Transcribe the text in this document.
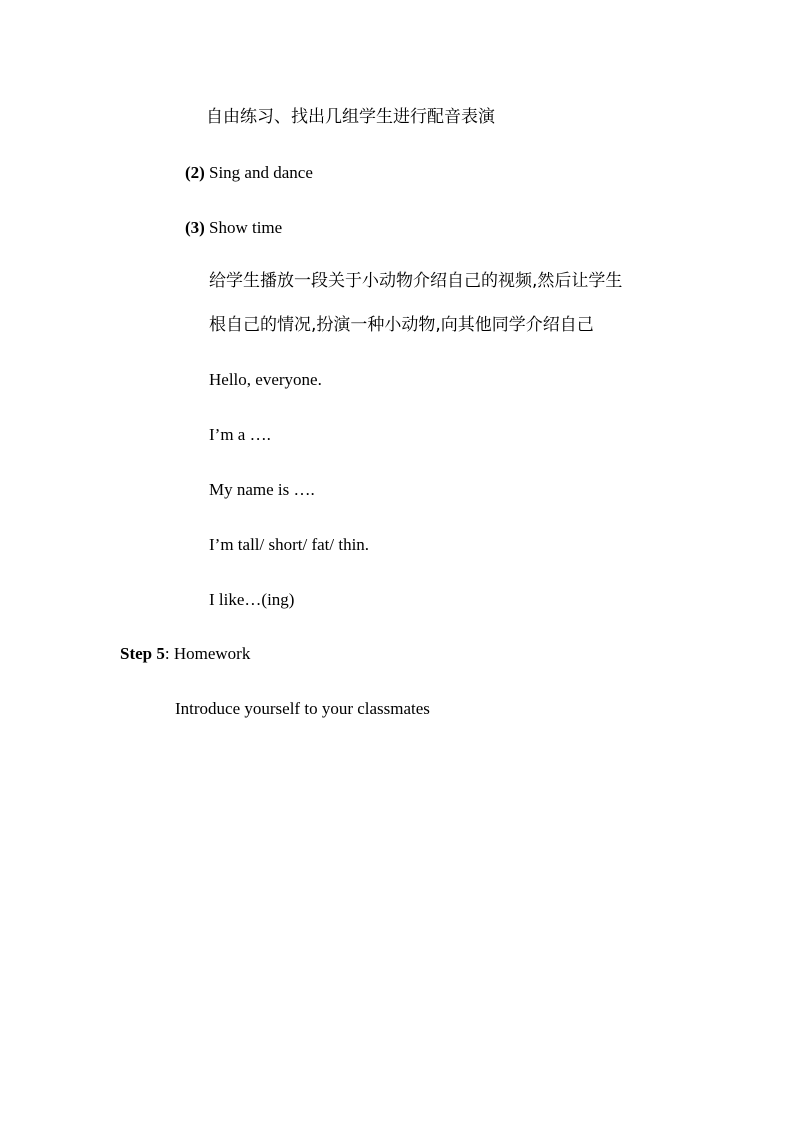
自由练习、找出几组学生进行配音表演
(2) Sing and dance
(3) Show time
给学生播放一段关于小动物介绍自己的视频,然后让学生
根自己的情况,扮演一种小动物,向其他同学介绍自己
Hello, everyone.
I’m a ….
My name is ….
I’m tall/ short/ fat/ thin.
I like…(ing)
Step 5: Homework
Introduce yourself to your classmates
